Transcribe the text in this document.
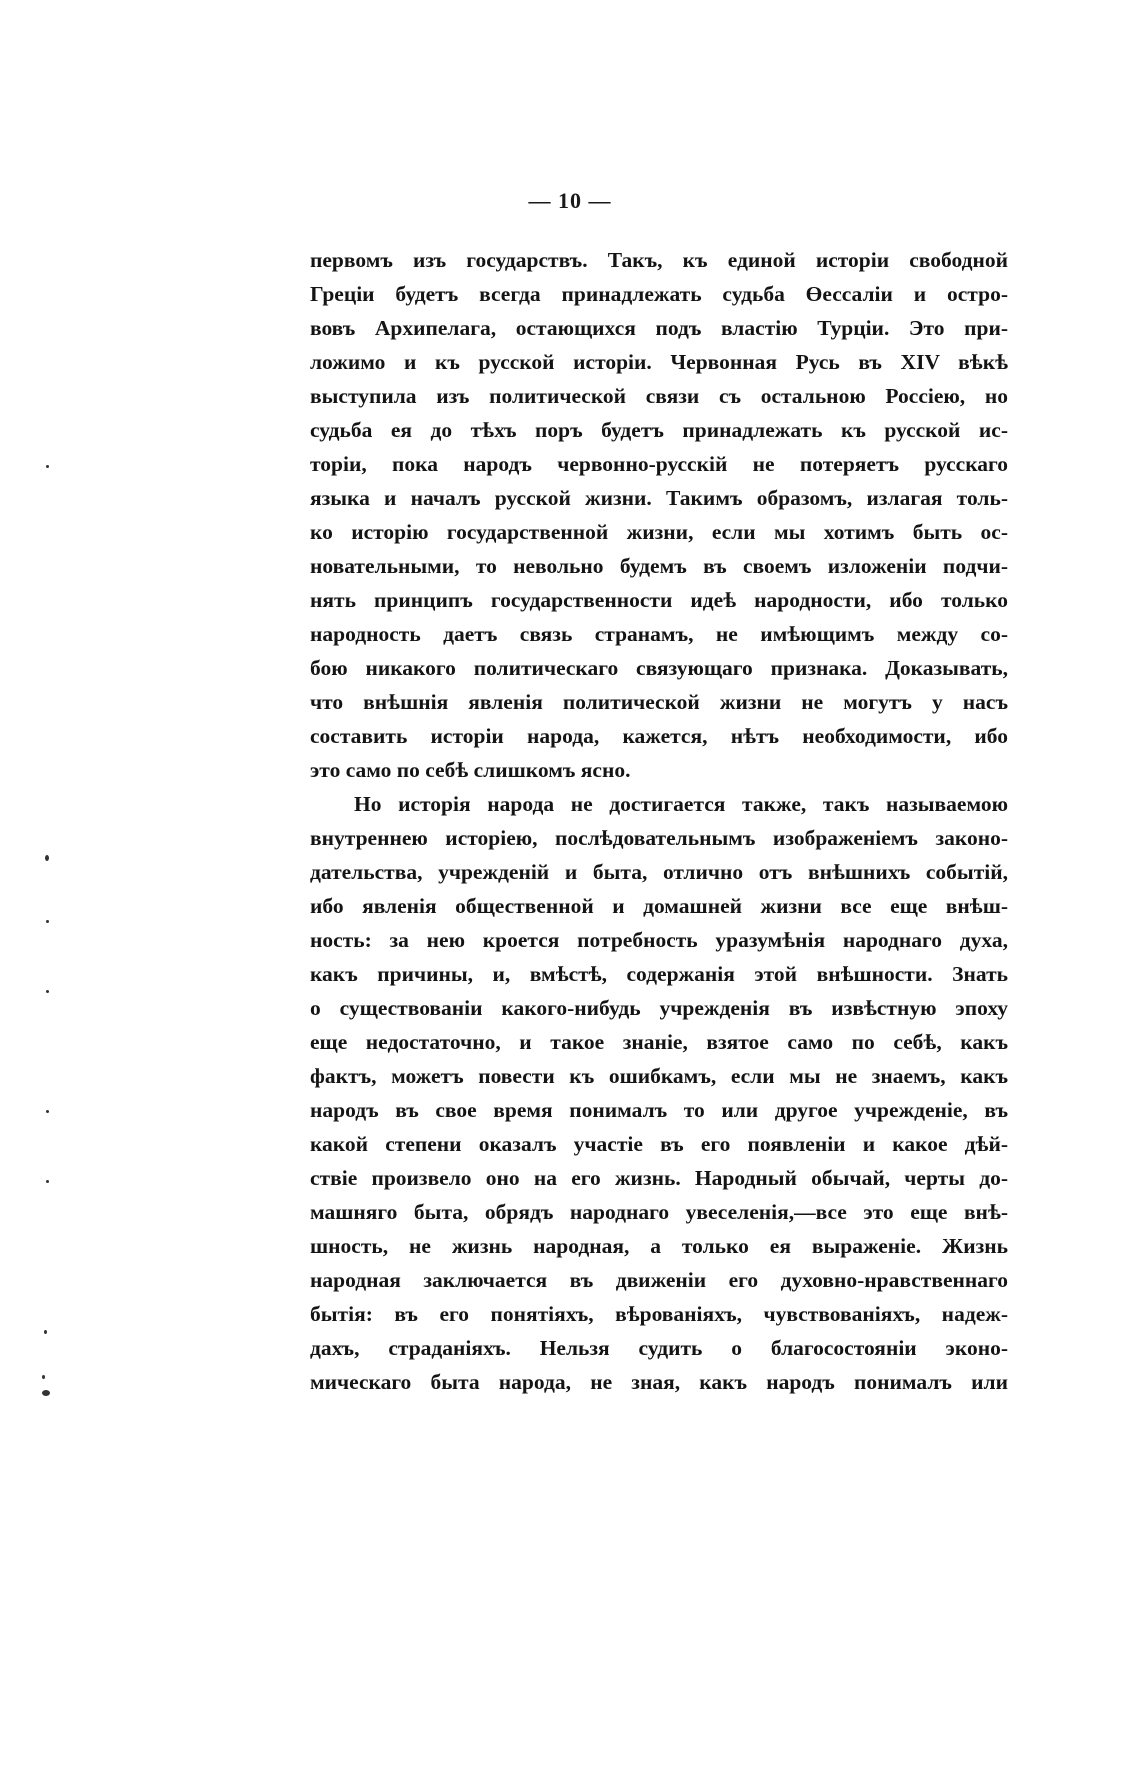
— 10 —
первомъ изъ государствъ. Такъ, къ единой исторіи свободной
Греціи будетъ всегда принадлежать судьба Өессаліи и остро-
вовъ Архипелага, остающихся подъ властію Турціи. Это при-
ложимо и къ русской исторіи. Червонная Русь въ XIV вѣкѣ
выступила изъ политической связи съ остальною Россіею, но
судьба ея до тѣхъ поръ будетъ принадлежать къ русской ис-
торіи, пока народъ червонно-русскій не потеряетъ русскаго
языка и началъ русской жизни. Такимъ образомъ, излагая толь-
ко исторію государственной жизни, если мы хотимъ быть ос-
новательными, то невольно будемъ въ своемъ изложеніи подчи-
нять принципъ государственности идеѣ народности, ибо только
народность даетъ связь странамъ, не имѣющимъ между со-
бою никакого политическаго связующаго признака. Доказывать,
что внѣшнія явленія политической жизни не могутъ у насъ
составить исторіи народа, кажется, нѣтъ необходимости, ибо
это само по себѣ слишкомъ ясно.
Но исторія народа не достигается также, такъ называемою
внутреннею исторіею, послѣдовательнымъ изображеніемъ законо-
дательства, учрежденій и быта, отлично отъ внѣшнихъ событій,
ибо явленія общественной и домашней жизни все еще внѣш-
ность: за нею кроется потребность уразумѣнія народнаго духа,
какъ причины, и, вмѣстѣ, содержанія этой внѣшности. Знать
о существованіи какого-нибудь учрежденія въ извѣстную эпоху
еще недостаточно, и такое знаніе, взятое само по себѣ, какъ
фактъ, можетъ повести къ ошибкамъ, если мы не знаемъ, какъ
народъ въ свое время понималъ то или другое учрежденіе, въ
какой степени оказалъ участіе въ его появленіи и какое дѣй-
ствіе произвело оно на его жизнь. Народный обычай, черты до-
машняго быта, обрядъ народнаго увеселенія,—все это еще внѣ-
шность, не жизнь народная, а только ея выраженіе. Жизнь
народная заключается въ движеніи его духовно-нравственнаго
бытія: въ его понятіяхъ, вѣрованіяхъ, чувствованіяхъ, надеж-
дахъ, страданіяхъ. Нельзя судить о благосостояніи эконо-
мическаго быта народа, не зная, какъ народъ понималъ или
